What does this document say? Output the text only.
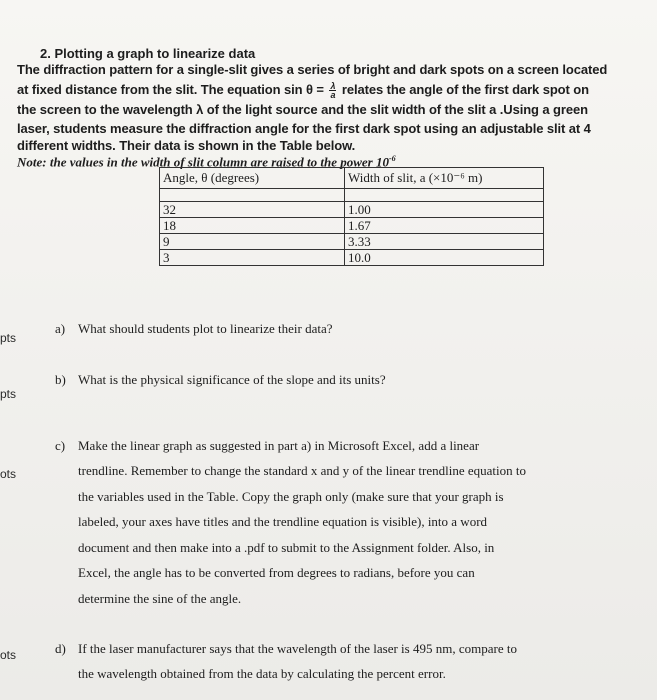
2. Plotting a graph to linearize data
The diffraction pattern for a single-slit gives a series of bright and dark spots on a screen located
at fixed distance from the slit. The equation $\sin \theta = \frac{\lambda}{a}$ relates the angle of the first dark spot on
the screen to the wavelength λ of the light source and the slit width of the slit a .Using a green
laser, students measure the diffraction angle for the first dark spot using an adjustable slit at 4
different widths. Their data is shown in the Table below.
Note: the values in the width of slit column are raised to the power $10^{-6}$
Angle, θ (degrees)	Width of slit, a (×10⁻⁶ m)

32	1.00
18	1.67
9	3.33
3	10.0
pts
pts
ots
ots
a) What should students plot to linearize their data?
b) What is the physical significance of the slope and its units?
c) Make the linear graph as suggested in part a) in Microsoft Excel, add a linear
trendline. Remember to change the standard x and y of the linear trendline equation to
the variables used in the Table. Copy the graph only (make sure that your graph is
labeled, your axes have titles and the trendline equation is visible), into a word
document and then make into a .pdf to submit to the Assignment folder. Also, in
Excel, the angle has to be converted from degrees to radians, before you can
determine the sine of the angle.
d) If the laser manufacturer says that the wavelength of the laser is 495 nm, compare to
the wavelength obtained from the data by calculating the percent error.
